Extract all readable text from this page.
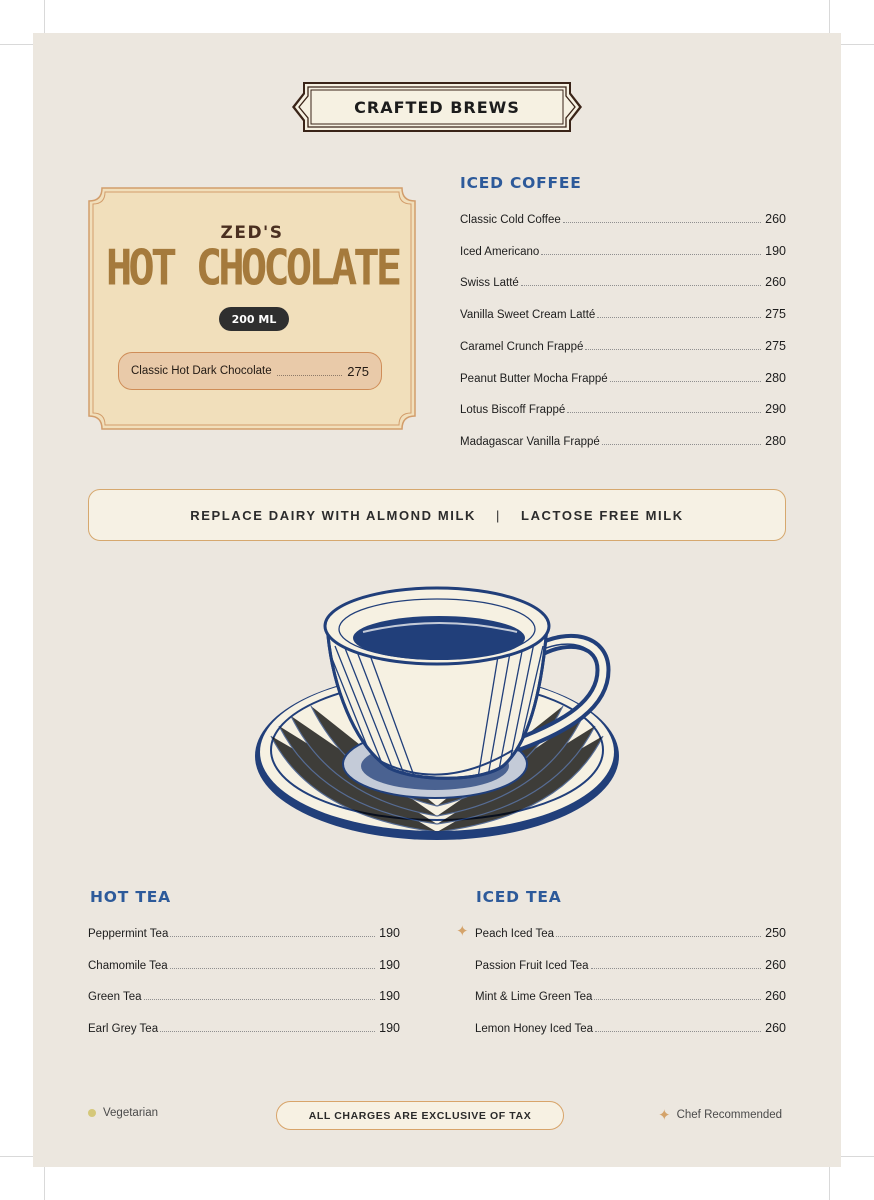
CRAFTED BREWS
ZED'S
HOT CHOCOLATE
200 ML
Classic Hot Dark Chocolate	275
ICED COFFEE
Classic Cold Coffee	260
Iced Americano	190
Swiss Latté	260
Vanilla Sweet Cream Latté	275
Caramel Crunch Frappé	275
Peanut Butter Mocha Frappé	280
Lotus Biscoff Frappé	290
Madagascar Vanilla Frappé	280
REPLACE DAIRY WITH ALMOND MILK | LACTOSE FREE MILK
HOT TEA
Peppermint Tea	190
Chamomile Tea	190
Green Tea	190
Earl Grey Tea	190
ICED TEA
✦ Peach Iced Tea	250
Passion Fruit Iced Tea	260
Mint & Lime Green Tea	260
Lemon Honey Iced Tea	260
Vegetarian	ALL CHARGES ARE EXCLUSIVE OF TAX	✦ Chef Recommended
